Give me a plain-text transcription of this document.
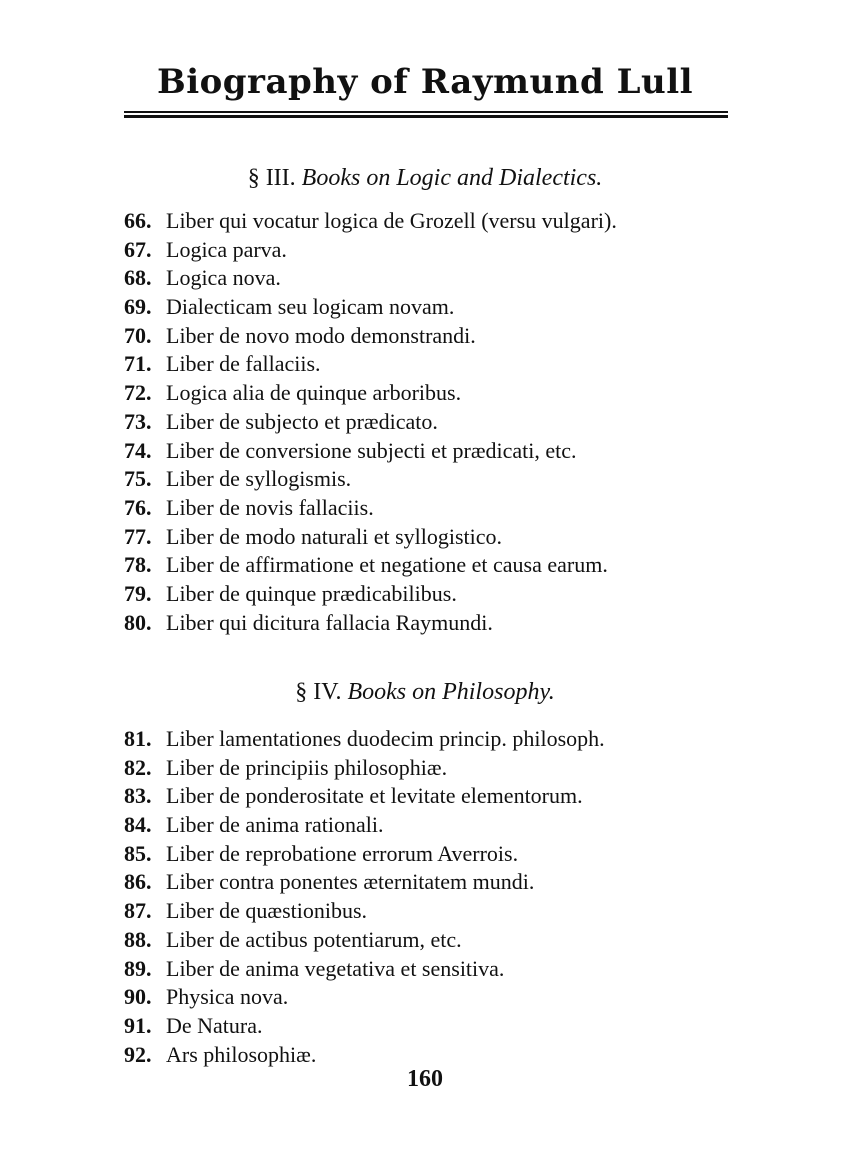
Biography of Raymund Lull
§ III. Books on Logic and Dialectics.
66. Liber qui vocatur logica de Grozell (versu vulgari).
67. Logica parva.
68. Logica nova.
69. Dialecticam seu logicam novam.
70. Liber de novo modo demonstrandi.
71. Liber de fallaciis.
72. Logica alia de quinque arboribus.
73. Liber de subjecto et prædicato.
74. Liber de conversione subjecti et prædicati, etc.
75. Liber de syllogismis.
76. Liber de novis fallaciis.
77. Liber de modo naturali et syllogistico.
78. Liber de affirmatione et negatione et causa earum.
79. Liber de quinque prædicabilibus.
80. Liber qui dicitura fallacia Raymundi.
§ IV. Books on Philosophy.
81. Liber lamentationes duodecim princip. philosoph.
82. Liber de principiis philosophiæ.
83. Liber de ponderositate et levitate elementorum.
84. Liber de anima rationali.
85. Liber de reprobatione errorum Averrois.
86. Liber contra ponentes æternitatem mundi.
87. Liber de quæstionibus.
88. Liber de actibus potentiarum, etc.
89. Liber de anima vegetativa et sensitiva.
90. Physica nova.
91. De Natura.
92. Ars philosophiæ.
160
